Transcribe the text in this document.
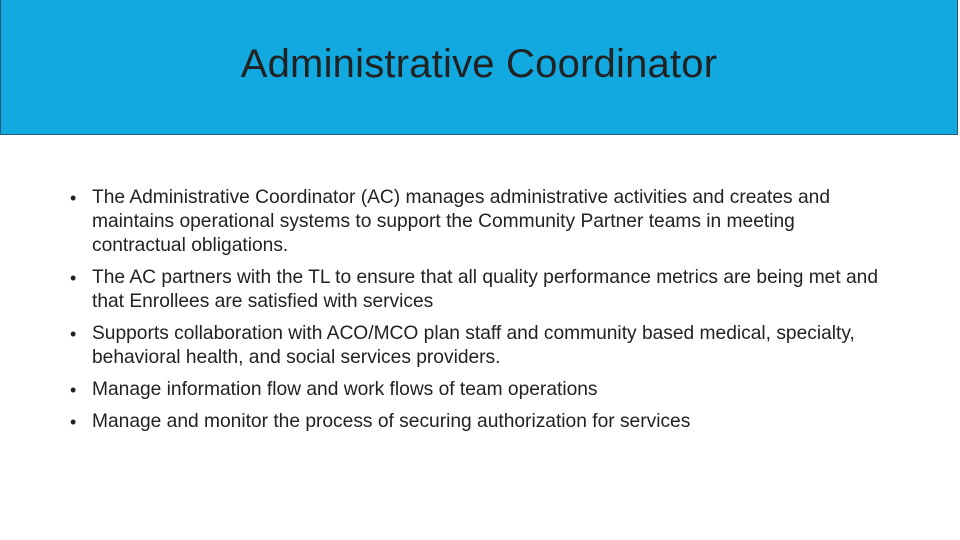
Administrative Coordinator
• The Administrative Coordinator (AC) manages administrative activities and creates and maintains operational systems to support the Community Partner teams in meeting contractual obligations.
• The AC partners with the TL to ensure that all quality performance metrics are being met and that Enrollees are satisfied with services
• Supports collaboration with ACO/MCO plan staff and community based medical, specialty, behavioral health, and social services providers.
• Manage information flow and work flows of team operations
• Manage and monitor the process of securing authorization for services
